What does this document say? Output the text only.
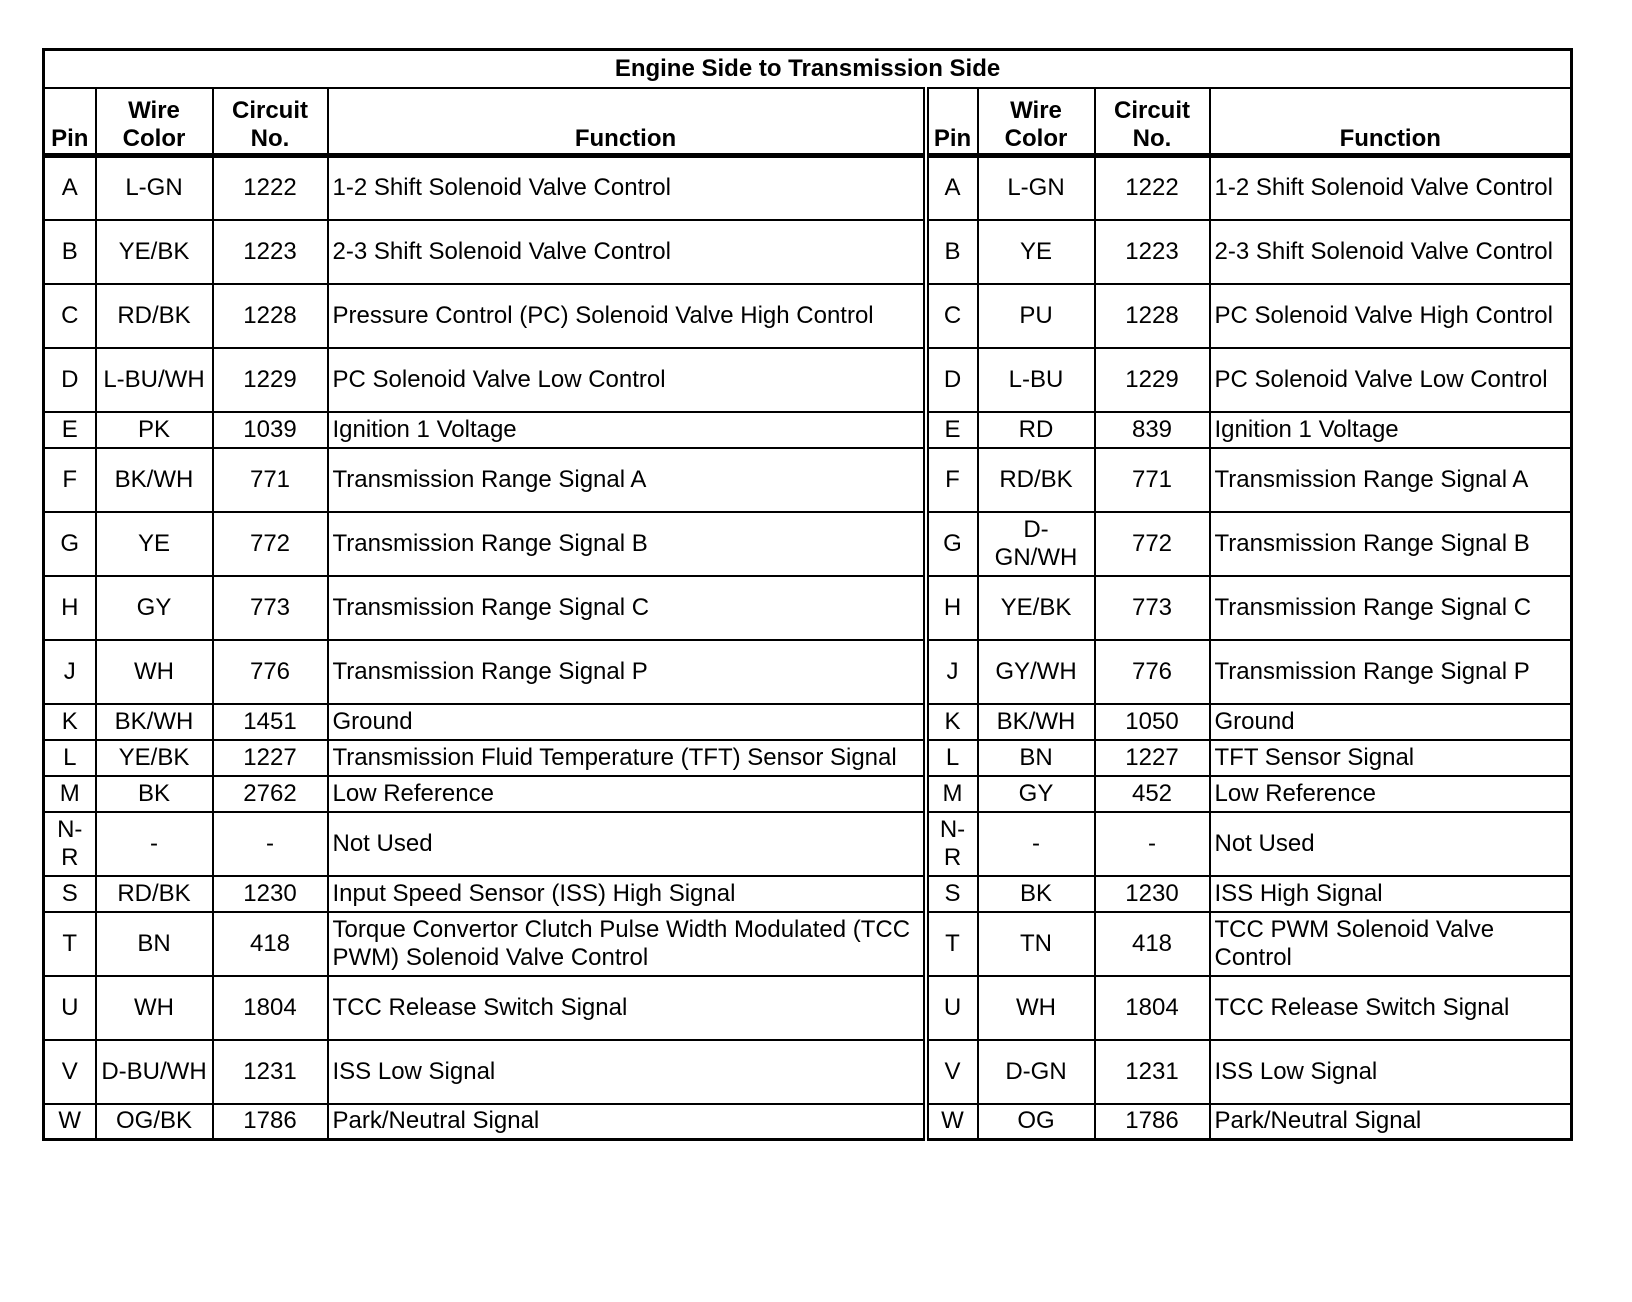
Engine Side to Transmission Side							
Pin	Wire Color	Circuit No.	Function	Pin	Wire Color	Circuit No.	Function
A	L-GN	1222	1-2 Shift Solenoid Valve Control	A	L-GN	1222	1-2 Shift Solenoid Valve Control
B	YE/BK	1223	2-3 Shift Solenoid Valve Control	B	YE	1223	2-3 Shift Solenoid Valve Control
C	RD/BK	1228	Pressure Control (PC) Solenoid Valve High Control	C	PU	1228	PC Solenoid Valve High Control
D	L-BU/WH	1229	PC Solenoid Valve Low Control	D	L-BU	1229	PC Solenoid Valve Low Control
E	PK	1039	Ignition 1 Voltage	E	RD	839	Ignition 1 Voltage
F	BK/WH	771	Transmission Range Signal A	F	RD/BK	771	Transmission Range Signal A
G	YE	772	Transmission Range Signal B	G	D-GN/WH	772	Transmission Range Signal B
H	GY	773	Transmission Range Signal C	H	YE/BK	773	Transmission Range Signal C
J	WH	776	Transmission Range Signal P	J	GY/WH	776	Transmission Range Signal P
K	BK/WH	1451	Ground	K	BK/WH	1050	Ground
L	YE/BK	1227	Transmission Fluid Temperature (TFT) Sensor Signal	L	BN	1227	TFT Sensor Signal
M	BK	2762	Low Reference	M	GY	452	Low Reference
N-R	-	-	Not Used	N-R	-	-	Not Used
S	RD/BK	1230	Input Speed Sensor (ISS) High Signal	S	BK	1230	ISS High Signal
T	BN	418	Torque Convertor Clutch Pulse Width Modulated (TCC PWM) Solenoid Valve Control	T	TN	418	TCC PWM Solenoid Valve Control
U	WH	1804	TCC Release Switch Signal	U	WH	1804	TCC Release Switch Signal
V	D-BU/WH	1231	ISS Low Signal	V	D-GN	1231	ISS Low Signal
W	OG/BK	1786	Park/Neutral Signal	W	OG	1786	Park/Neutral Signal
